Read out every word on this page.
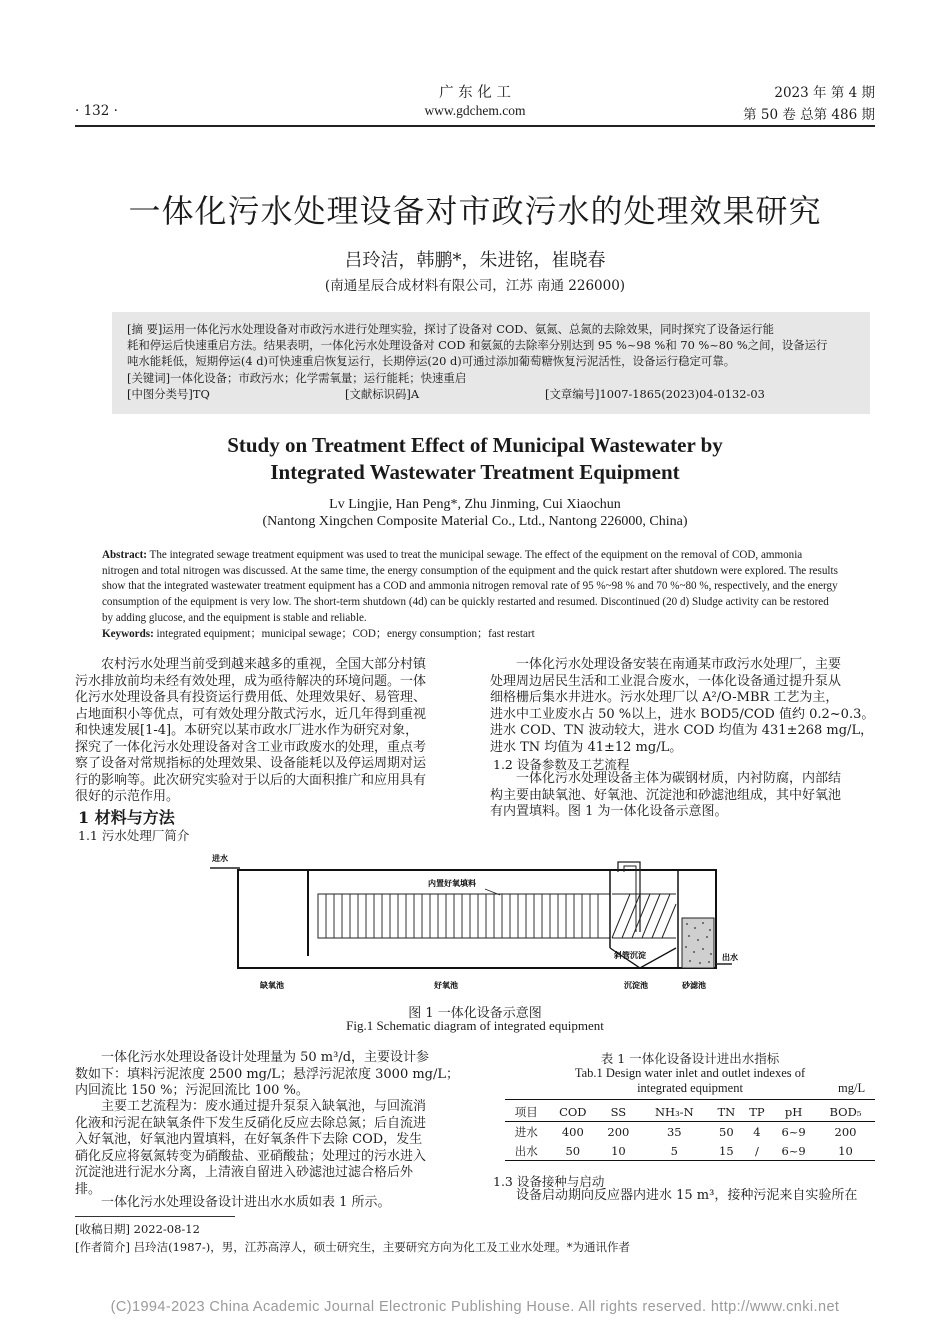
· 132 ·
广 东 化 工
www.gdchem.com
2023 年 第 4 期
第 50 卷 总第 486 期
一体化污水处理设备对市政污水的处理效果研究
吕玲洁，韩鹏*，朱进铭，崔晓春
(南通星辰合成材料有限公司，江苏 南通 226000)
[摘 要]运用一体化污水处理设备对市政污水进行处理实验，探讨了设备对 COD、氨氮、总氮的去除效果，同时探究了设备运行能
耗和停运后快速重启方法。结果表明，一体化污水处理设备对 COD 和氨氮的去除率分别达到 95 %~98 %和 70 %~80 %之间，设备运行
吨水能耗低，短期停运(4 d)可快速重启恢复运行，长期停运(20 d)可通过添加葡萄糖恢复污泥活性，设备运行稳定可靠。
[关键词]一体化设备；市政污水；化学需氧量；运行能耗；快速重启
[中图分类号]TQ	[文献标识码]A	[文章编号]1007-1865(2023)04-0132-03
Study on Treatment Effect of Municipal Wastewater by
Integrated Wastewater Treatment Equipment
Lv Lingjie, Han Peng*, Zhu Jinming, Cui Xiaochun
(Nantong Xingchen Composite Material Co., Ltd., Nantong 226000, China)
Abstract: The integrated sewage treatment equipment was used to treat the municipal sewage. The effect of the equipment on the removal of COD, ammonia
nitrogen and total nitrogen was discussed. At the same time, the energy consumption of the equipment and the quick restart after shutdown were explored. The results
show that the integrated wastewater treatment equipment has a COD and ammonia nitrogen removal rate of 95 %~98 % and 70 %~80 %, respectively, and the energy
consumption of the equipment is very low. The short-term shutdown (4d) can be quickly restarted and resumed. Discontinued (20 d) Sludge activity can be restored
by adding glucose, and the equipment is stable and reliable.
Keywords: integrated equipment；municipal sewage；COD；energy consumption；fast restart
　　农村污水处理当前受到越来越多的重视，全国大部分村镇
污水排放前均未经有效处理，成为亟待解决的环境问题。一体
化污水处理设备具有投资运行费用低、处理效果好、易管理、
占地面积小等优点，可有效处理分散式污水，近几年得到重视
和快速发展[1-4]。本研究以某市政水厂进水作为研究对象，
探究了一体化污水处理设备对含工业市政废水的处理，重点考
察了设备对常规指标的处理效果、设备能耗以及停运周期对运
行的影响等。此次研究实验对于以后的大面积推广和应用具有
很好的示范作用。
1 材料与方法
1.1 污水处理厂简介
　　一体化污水处理设备安装在南通某市政污水处理厂，主要
处理周边居民生活和工业混合废水，一体化设备通过提升泵从
细格栅后集水井进水。污水处理厂以 A²/O-MBR 工艺为主，
进水中工业废水占 50 %以上，进水 BOD5/COD 值约 0.2~0.3。
进水 COD、TN 波动较大，进水 COD 均值为 431±268 mg/L，
进水 TN 均值为 41±12 mg/L。
1.2 设备参数及工艺流程
　　一体化污水处理设备主体为碳钢材质，内衬防腐，内部结
构主要由缺氧池、好氧池、沉淀池和砂滤池组成，其中好氧池
有内置填料。图 1 为一体化设备示意图。
进水
内置好氧填料
斜管沉淀	出水
缺氧池	好氧池	沉淀池	砂滤池
图 1 一体化设备示意图
Fig.1 Schematic diagram of integrated equipment
　　一体化污水处理设备设计处理量为 50 m³/d，主要设计参
数如下：填料污泥浓度 2500 mg/L；悬浮污泥浓度 3000 mg/L；
内回流比 150 %；污泥回流比 100 %。
　　主要工艺流程为：废水通过提升泵泵入缺氧池，与回流消
化液和污泥在缺氧条件下发生反硝化反应去除总氮；后自流进
入好氧池，好氧池内置填料，在好氧条件下去除 COD，发生
硝化反应将氨氮转变为硝酸盐、亚硝酸盐；处理过的污水进入
沉淀池进行泥水分离，上清液自留进入砂滤池过滤合格后外
排。
　　一体化污水处理设备设计进出水水质如表 1 所示。
表 1 一体化设备设计进出水指标
Tab.1 Design water inlet and outlet indexes of
integrated equipment	mg/L
项目	COD	SS	NH₃-N	TN	TP	pH	BOD₅
进水	400	200	35	50	4	6~9	200
出水	50	10	5	15	/	6~9	10
1.3 设备接种与启动
　　设备启动期向反应器内进水 15 m³，接种污泥来自实验所在
[收稿日期] 2022-08-12
[作者简介] 吕玲洁(1987-)，男，江苏高淳人，硕士研究生，主要研究方向为化工及工业水处理。*为通讯作者
(C)1994-2023 China Academic Journal Electronic Publishing House. All rights reserved. http://www.cnki.net
